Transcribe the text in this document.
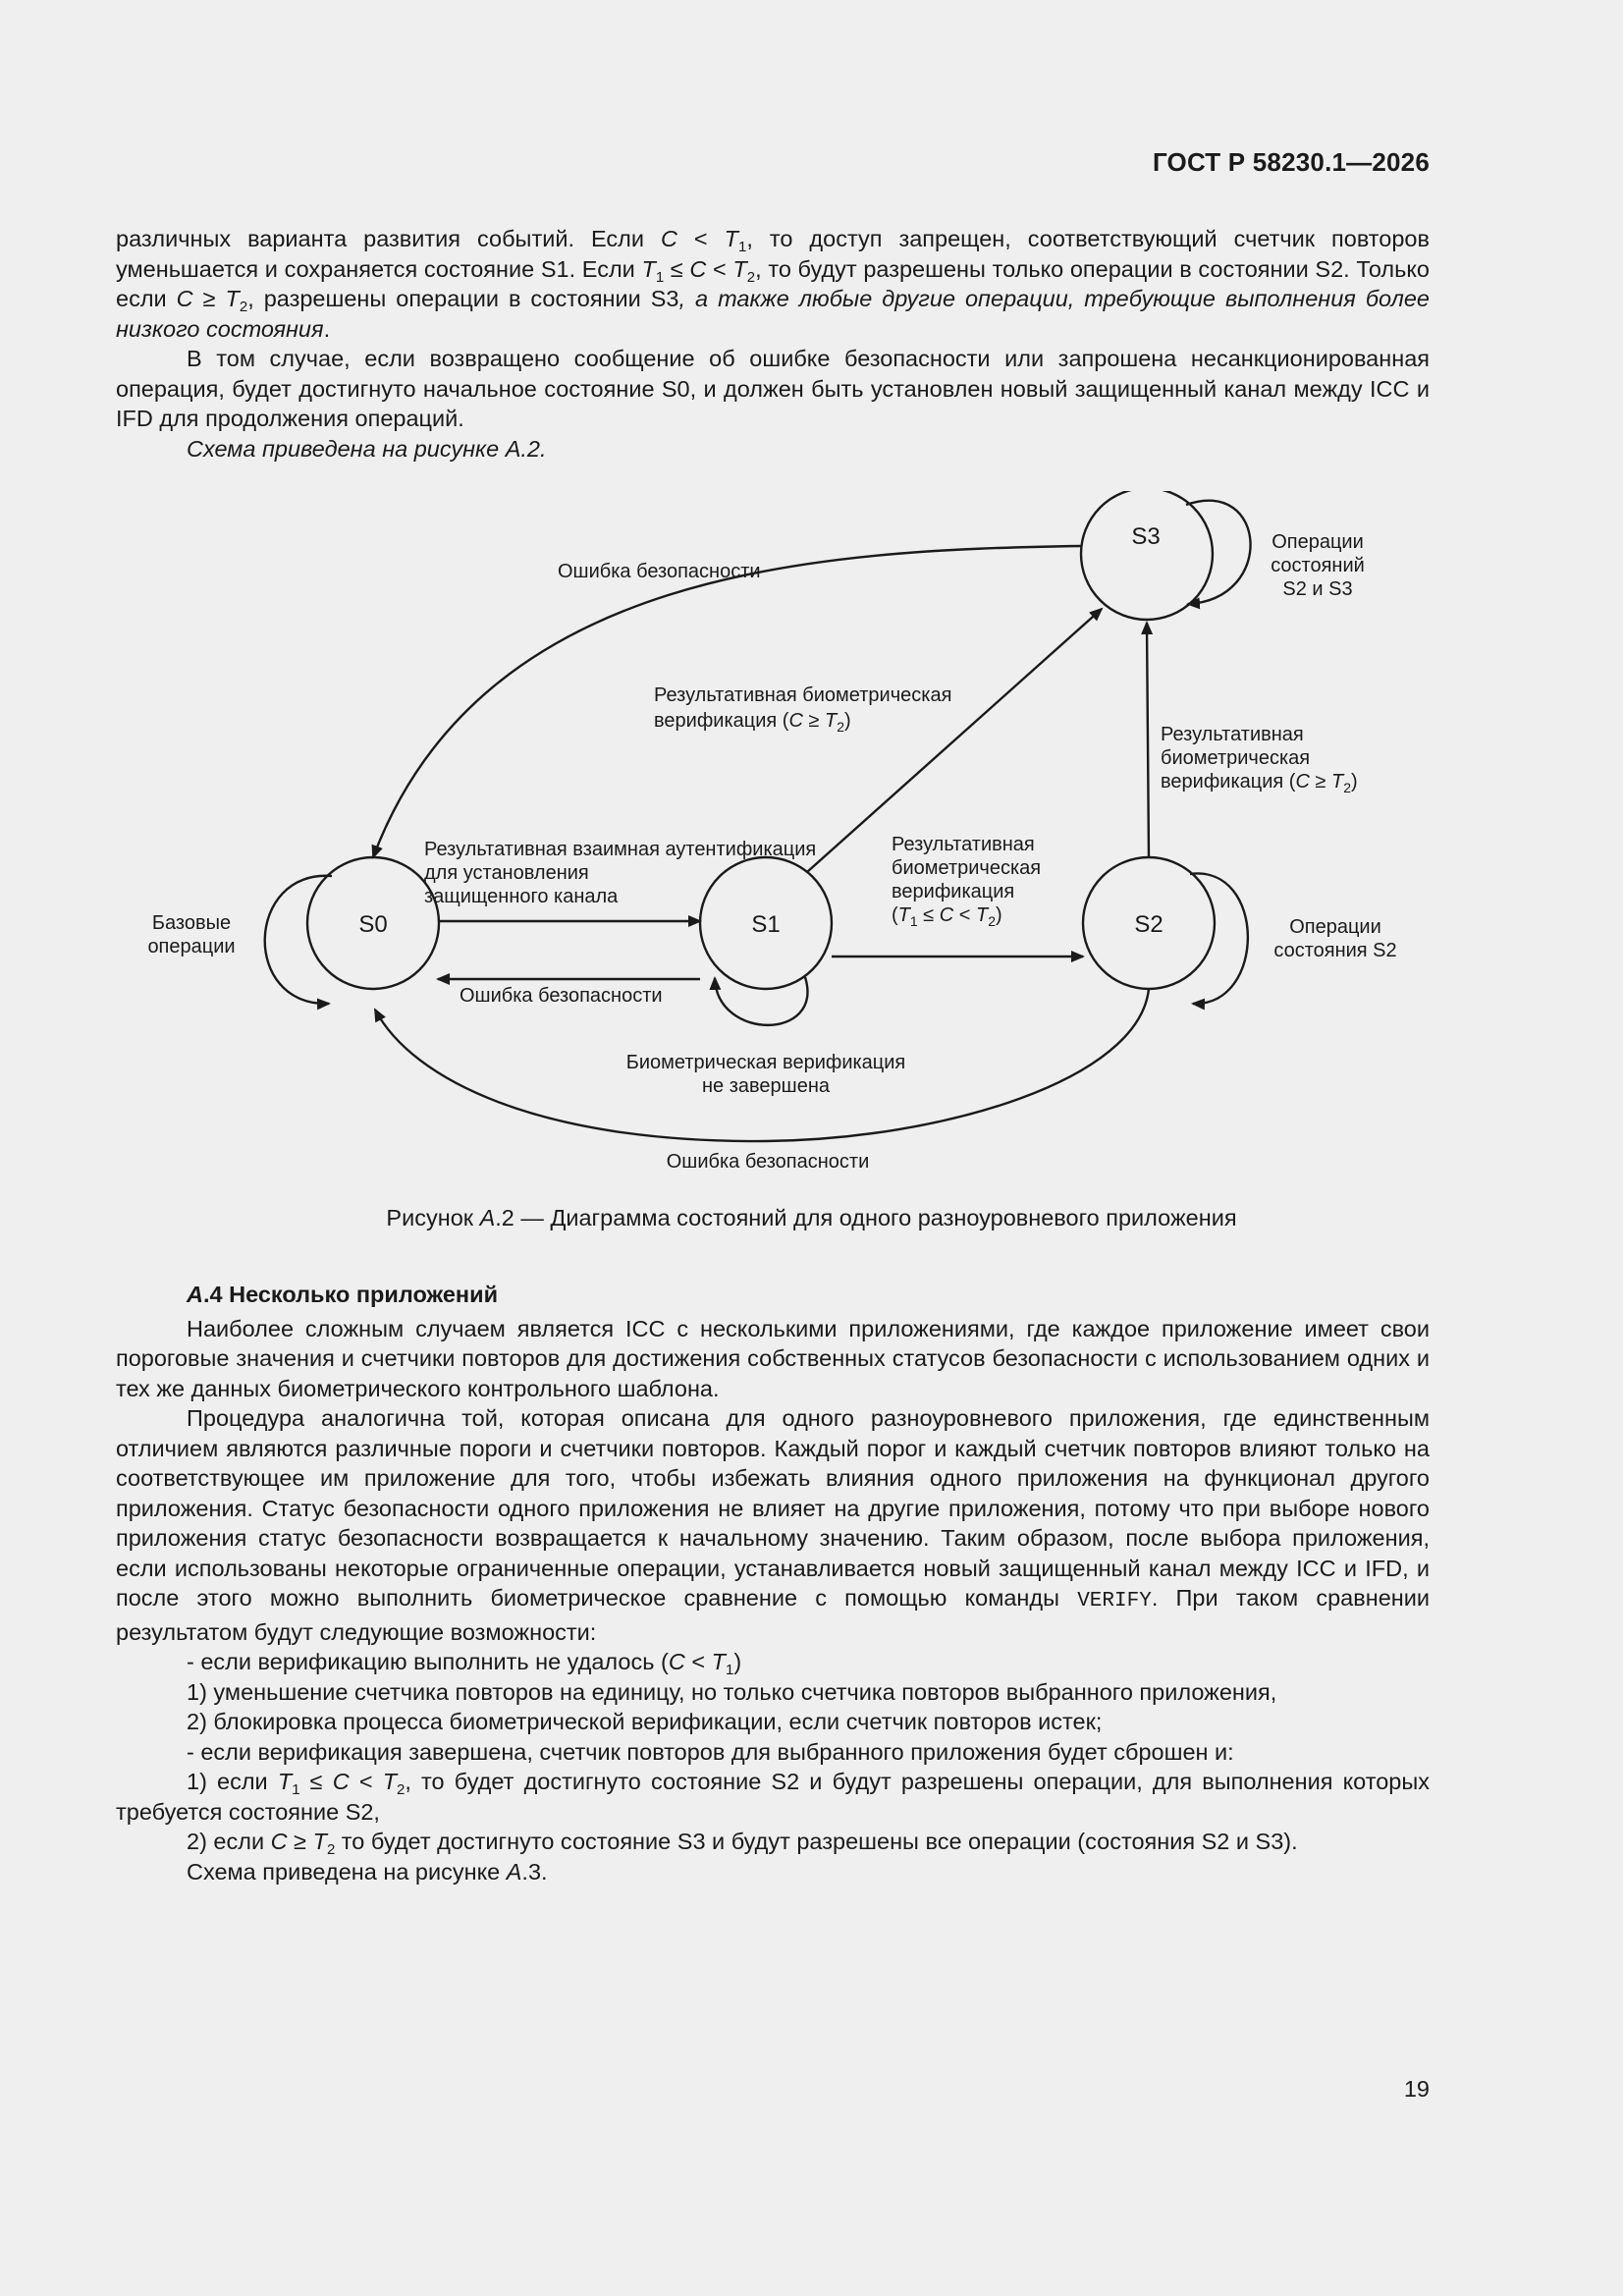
ГОСТ Р 58230.1—2026

различных варианта развития событий. Если $C < T_1$, то доступ запрещен, соответствующий счетчик повторов уменьшается и сохраняется состояние S1. Если $T_1 \le C < T_2$, то будут разрешены только операции в состоянии S2. Только если $C \ge T_2$, разрешены операции в состоянии S3, а также любые другие операции, требующие выполнения более низкого состояния.

В том случае, если возвращено сообщение об ошибке безопасности или запрошена несанкционированная операция, будет достигнуто начальное состояние S0, и должен быть установлен новый защищенный канал между ICC и IFD для продолжения операций.

Схема приведена на рисунке А.2.

S0	S1	S2
S3
Ошибка безопасности
Операции
состояний
S2 и S3
Результативная биометрическая
верификация $(C \ge T_2)$
Результативная
биометрическая
верификация $(C \ge T_2)$
Результативная взаимная аутентификация
для установления
защищенного канала
Результативная
биометрическая
верификация
$(T_1 \le C < T_2)$
Базовые
операции
Операции
состояния S2
Ошибка безопасности
Биометрическая верификация
не завершена
Ошибка безопасности
Рисунок А.2 — Диаграмма состояний для одного разноуровневого приложения

А.4 Несколько приложений

Наиболее сложным случаем является ICC с несколькими приложениями, где каждое приложение имеет свои пороговые значения и счетчики повторов для достижения собственных статусов безопасности с использованием одних и тех же данных биометрического контрольного шаблона.

Процедура аналогична той, которая описана для одного разноуровневого приложения, где единственным отличием являются различные пороги и счетчики повторов. Каждый порог и каждый счетчик повторов влияют только на соответствующее им приложение для того, чтобы избежать влияния одного приложения на функционал другого приложения. Статус безопасности одного приложения не влияет на другие приложения, потому что при выборе нового приложения статус безопасности возвращается к начальному значению. Таким образом, после выбора приложения, если использованы некоторые ограниченные операции, устанавливается новый защищенный канал между ICC и IFD, и после этого можно выполнить биометрическое сравнение с помощью команды VERIFY. При таком сравнении результатом будут следующие возможности:

- если верификацию выполнить не удалось $(C < T_1)$

1) уменьшение счетчика повторов на единицу, но только счетчика повторов выбранного приложения,

2) блокировка процесса биометрической верификации, если счетчик повторов истек;

- если верификация завершена, счетчик повторов для выбранного приложения будет сброшен и:

1) если $T_1 \le C < T_2$, то будет достигнуто состояние S2 и будут разрешены операции, для выполнения которых требуется состояние S2,

2) если $C \ge T_2$ то будет достигнуто состояние S3 и будут разрешены все операции (состояния S2 и S3).

Схема приведена на рисунке А.3.

19
